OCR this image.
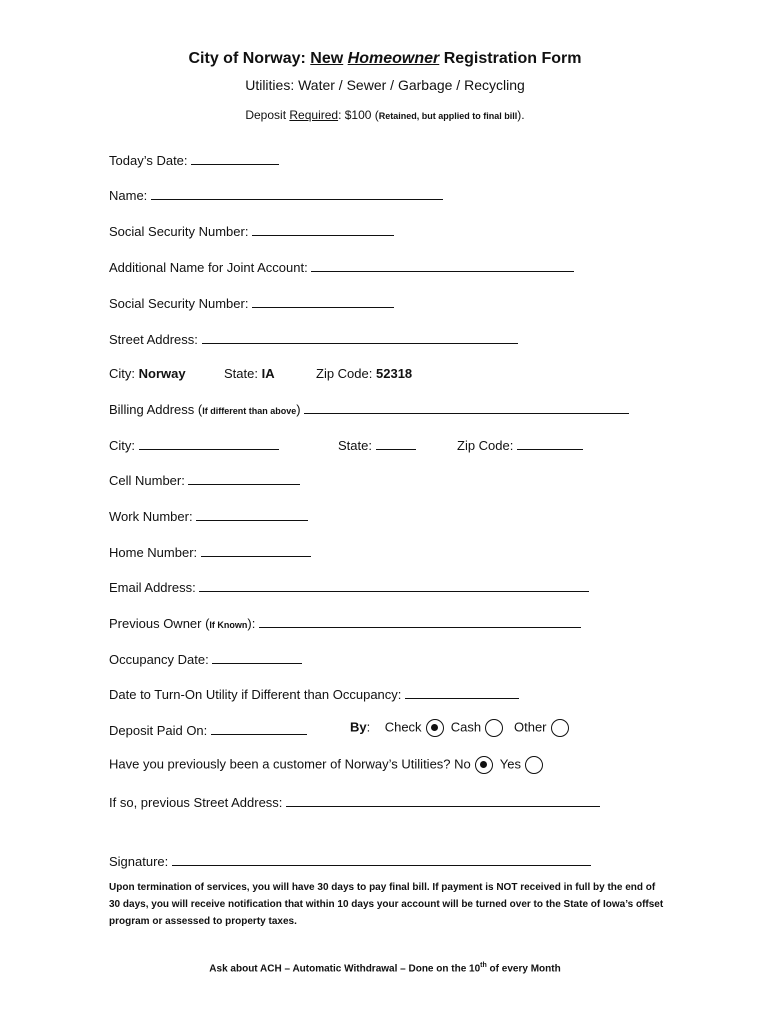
City of Norway: New Homeowner Registration Form
Utilities: Water / Sewer / Garbage / Recycling
Deposit Required: $100 (Retained, but applied to final bill).
Today’s Date:
Name:
Social Security Number:
Additional Name for Joint Account:
Social Security Number:
Street Address:
City: Norway	State: IA	Zip Code: 52318
Billing Address (If different than above)
City:	State:	Zip Code:
Cell Number:
Work Number:
Home Number:
Email Address:
Previous Owner (If Known):
Occupancy Date:
Date to Turn-On Utility if Different than Occupancy:
Deposit Paid On:	By: Check Cash	Other
Have you previously been a customer of Norway’s Utilities? No Yes
If so, previous Street Address:
Signature:
Upon termination of services, you will have 30 days to pay final bill. If payment is NOT received in full by the end of 30 days, you will receive notification that within 10 days your account will be turned over to the State of Iowa’s offset program or assessed to property taxes.
Ask about ACH – Automatic Withdrawal – Done on the 10th of every Month
